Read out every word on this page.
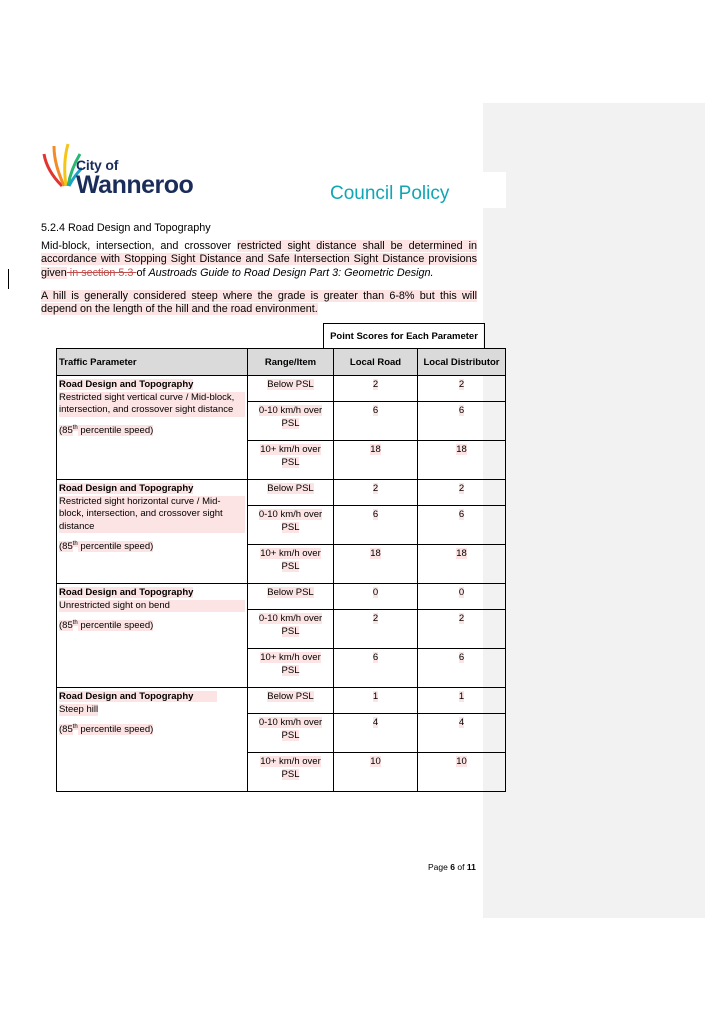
City of
Wanneroo	Council Policy
5.2.4 Road Design and Topography
Mid-block, intersection, and crossover restricted sight distance shall be determined in accordance with Stopping Sight Distance and Safe Intersection Sight Distance provisions given in section 5.3 of Austroads Guide to Road Design Part 3: Geometric Design.
A hill is generally considered steep where the grade is greater than 6-8% but this will depend on the length of the hill and the road environment.
Point Scores for Each Parameter
Traffic Parameter	Range/Item	Local Road	Local Distributor
Road Design and Topography
Restricted sight vertical curve / Mid-block, intersection, and crossover sight distance
(85th percentile speed)	Below PSL	2	2
	0-10 km/h over PSL	6	6
	10+ km/h over PSL	18	18
Road Design and Topography
Restricted sight horizontal curve / Mid-block, intersection, and crossover sight distance
(85th percentile speed)	Below PSL	2	2
	0-10 km/h over PSL	6	6
	10+ km/h over PSL	18	18
Road Design and Topography
Unrestricted sight on bend
(85th percentile speed)	Below PSL	0	0
	0-10 km/h over PSL	2	2
	10+ km/h over PSL	6	6
Road Design and Topography Steep hill
(85th percentile speed)	Below PSL	1	1
	0-10 km/h over PSL	4	4
	10+ km/h over PSL	10	10
Page 6 of 11
